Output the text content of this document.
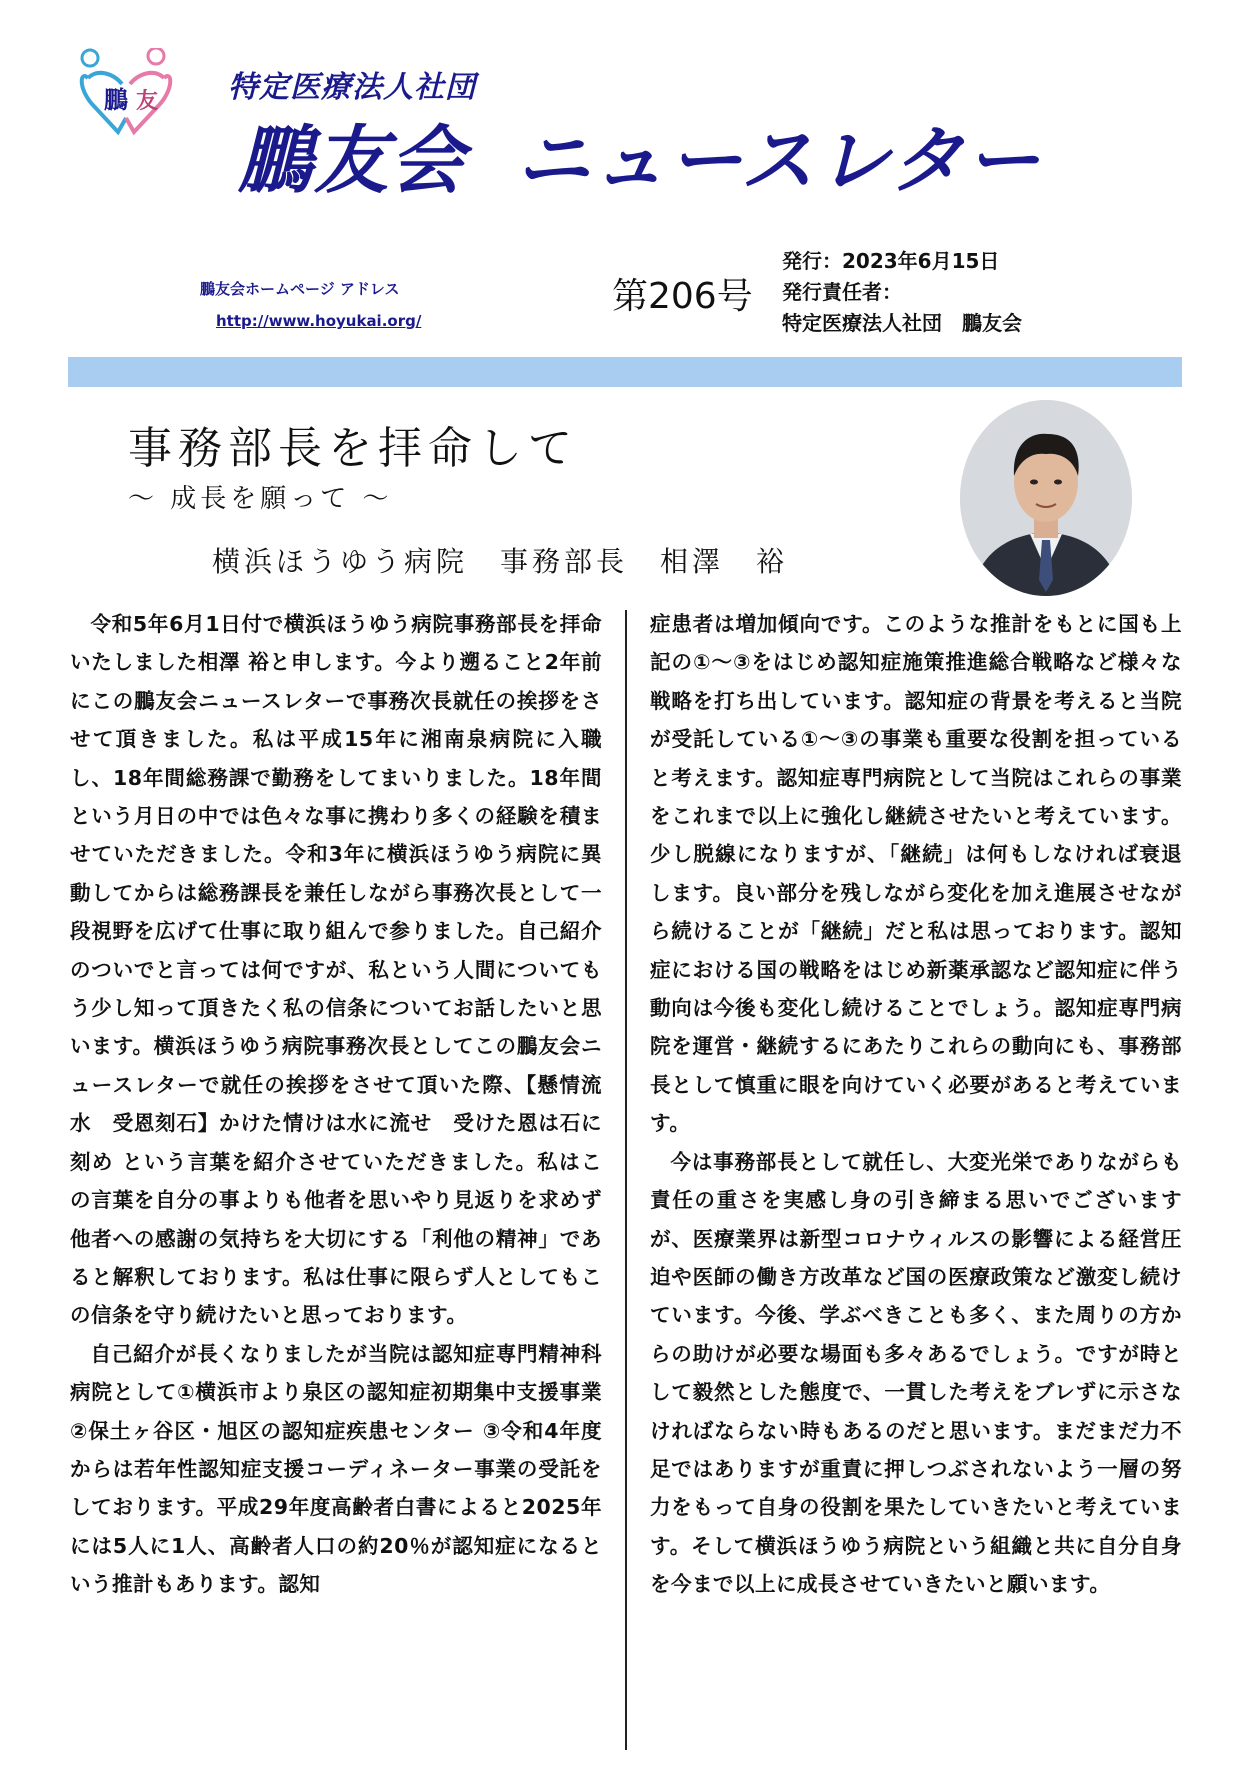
鵬 友 特定医療法人社団
鵬友会 ニュースレター
鵬友会ホームページ アドレス
http://www.hoyukai.org/
第206号
発行：2023年6月15日
発行責任者：
特定医療法人社団　鵬友会
事務部長を拝命して
～ 成長を願って ～
横浜ほうゆう病院　事務部長　相澤　裕

令和5年6月1日付で横浜ほうゆう病院事務部長を拝命いたしました相澤 裕と申します。今より遡ること2年前にこの鵬友会ニュースレターで事務次長就任の挨拶をさせて頂きました。私は平成15年に湘南泉病院に入職し、18年間総務課で勤務をしてまいりました。18年間という月日の中では色々な事に携わり多くの経験を積ませていただきました。令和3年に横浜ほうゆう病院に異動してからは総務課長を兼任しながら事務次長として一段視野を広げて仕事に取り組んで参りました。自己紹介のついでと言っては何ですが、私という人間についてもう少し知って頂きたく私の信条についてお話したいと思います。横浜ほうゆう病院事務次長としてこの鵬友会ニュースレターで就任の挨拶をさせて頂いた際、【懸情流水　受恩刻石】かけた情けは水に流せ　受けた恩は石に刻め という言葉を紹介させていただきました。私はこの言葉を自分の事よりも他者を思いやり見返りを求めず他者への感謝の気持ちを大切にする「利他の精神」であると解釈しております。私は仕事に限らず人としてもこの信条を守り続けたいと思っております。

自己紹介が長くなりましたが当院は認知症専門精神科病院として①横浜市より泉区の認知症初期集中支援事業 ②保土ヶ谷区・旭区の認知症疾患センター ③令和4年度からは若年性認知症支援コーディネーター事業の受託をしております。平成29年度高齢者白書によると2025年には5人に1人、高齢者人口の約20％が認知症になるという推計もあります。認知

症患者は増加傾向です。このような推計をもとに国も上記の①～③をはじめ認知症施策推進総合戦略など様々な戦略を打ち出しています。認知症の背景を考えると当院が受託している①～③の事業も重要な役割を担っていると考えます。認知症専門病院として当院はこれらの事業をこれまで以上に強化し継続させたいと考えています。少し脱線になりますが、「継続」は何もしなければ衰退します。良い部分を残しながら変化を加え進展させながら続けることが「継続」だと私は思っております。認知症における国の戦略をはじめ新薬承認など認知症に伴う動向は今後も変化し続けることでしょう。認知症専門病院を運営・継続するにあたりこれらの動向にも、事務部長として慎重に眼を向けていく必要があると考えています。

今は事務部長として就任し、大変光栄でありながらも責任の重さを実感し身の引き締まる思いでございますが、医療業界は新型コロナウィルスの影響による経営圧迫や医師の働き方改革など国の医療政策など激変し続けています。今後、学ぶべきことも多く、また周りの方からの助けが必要な場面も多々あるでしょう。ですが時として毅然とした態度で、一貫した考えをブレずに示さなければならない時もあるのだと思います。まだまだ力不足ではありますが重責に押しつぶされないよう一層の努力をもって自身の役割を果たしていきたいと考えています。そして横浜ほうゆう病院という組織と共に自分自身を今まで以上に成長させていきたいと願います。
